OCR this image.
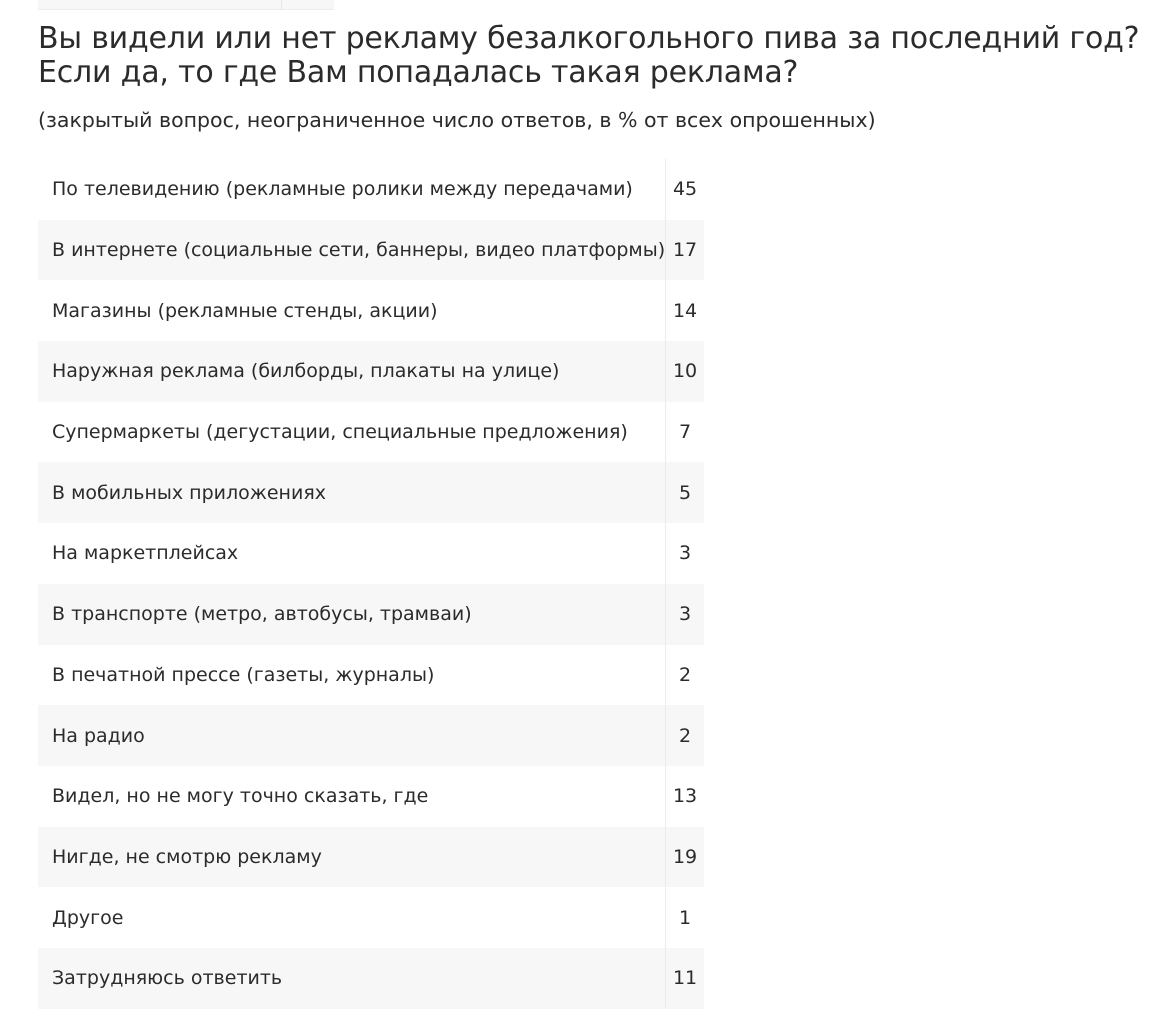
Вы видели или нет рекламу безалкогольного пива за последний год? Если да, то где Вам попадалась такая реклама?

(закрытый вопрос, неограниченное число ответов, в % от всех опрошенных)

По телевидению (рекламные ролики между передачами)	45
В интернете (социальные сети, баннеры, видео платформы)	17
Магазины (рекламные стенды, акции)	14
Наружная реклама (билборды, плакаты на улице)	10
Супермаркеты (дегустации, специальные предложения)	7
В мобильных приложениях	5
На маркетплейсах	3
В транспорте (метро, автобусы, трамваи)	3
В печатной прессе (газеты, журналы)	2
На радио	2
Видел, но не могу точно сказать, где	13
Нигде, не смотрю рекламу	19
Другое	1
Затрудняюсь ответить	11
